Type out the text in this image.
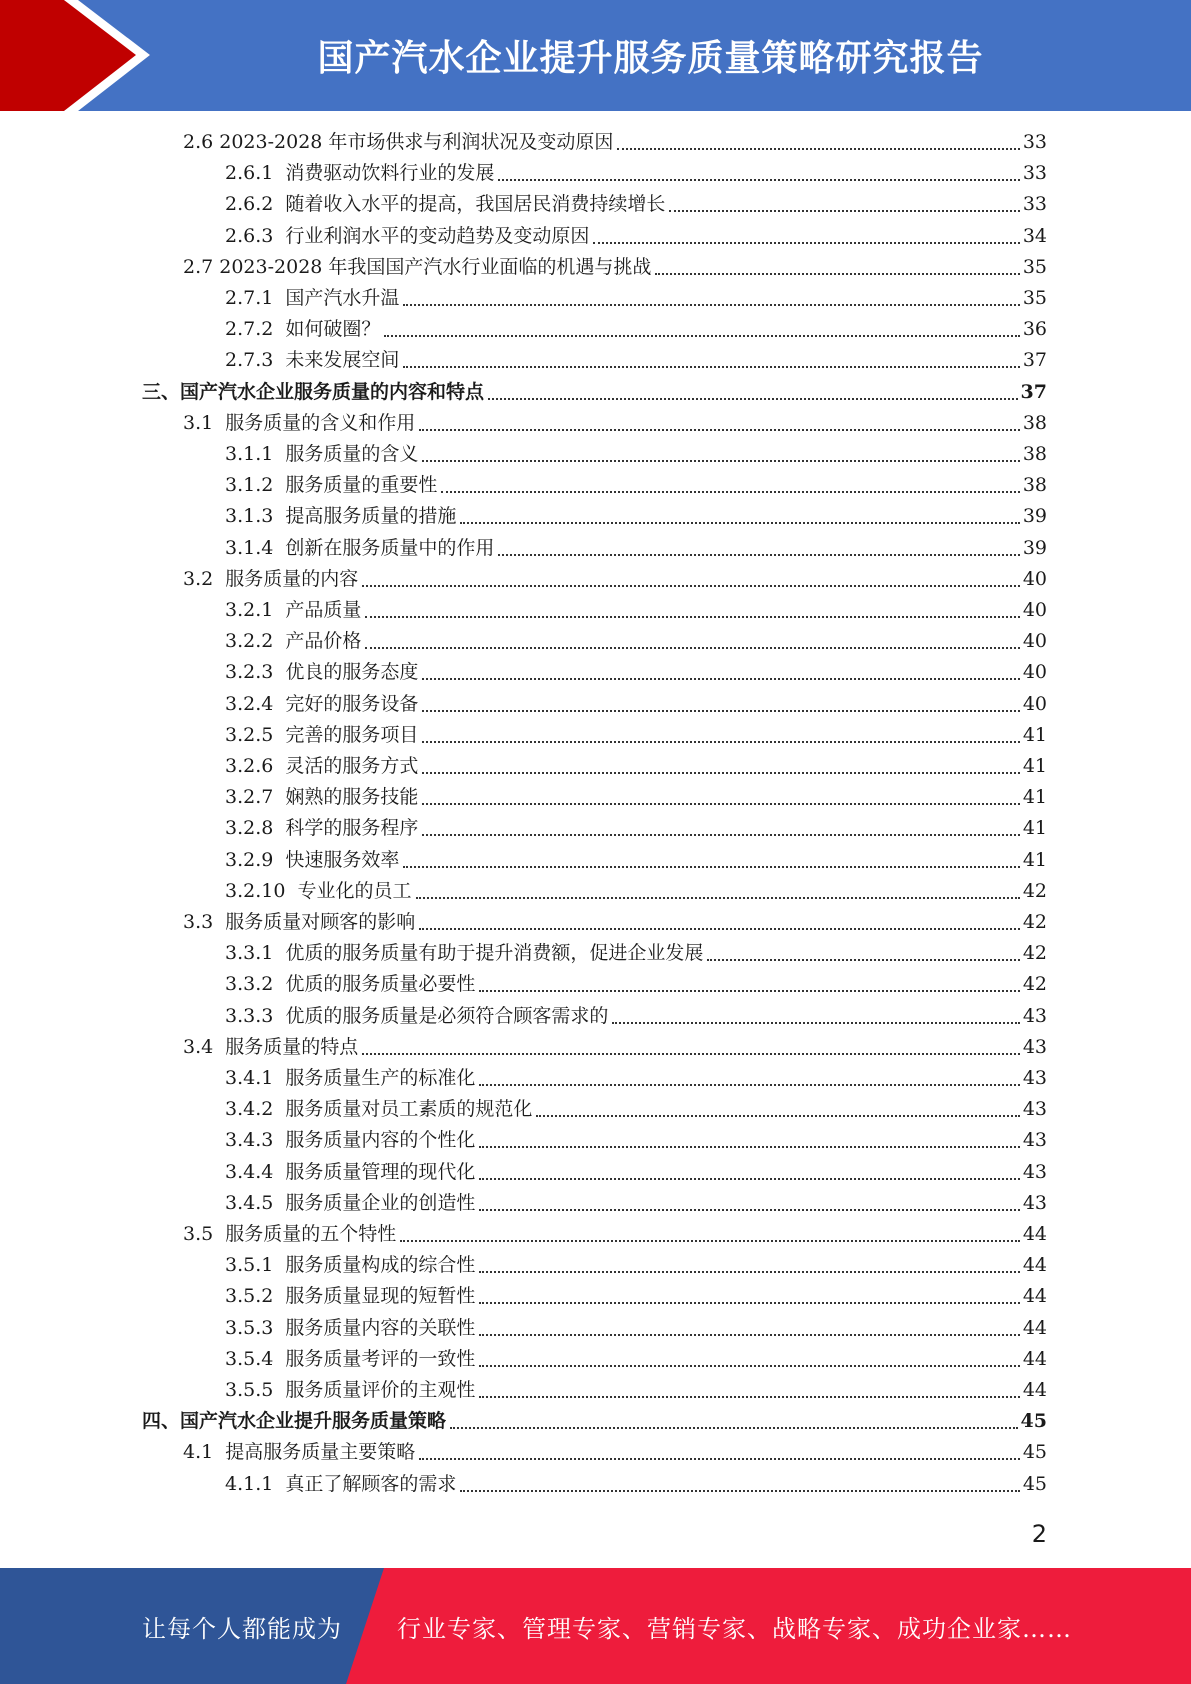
国产汽水企业提升服务质量策略研究报告
2.6 2023-2028 年市场供求与利润状况及变动原因	33
2.6.1  消费驱动饮料行业的发展	33
2.6.2  随着收入水平的提高，我国居民消费持续增长	33
2.6.3  行业利润水平的变动趋势及变动原因	34
2.7 2023-2028 年我国国产汽水行业面临的机遇与挑战	35
2.7.1  国产汽水升温	35
2.7.2  如何破圈？	36
2.7.3  未来发展空间	37
三、国产汽水企业服务质量的内容和特点	37
3.1  服务质量的含义和作用	38
3.1.1  服务质量的含义	38
3.1.2  服务质量的重要性	38
3.1.3  提高服务质量的措施	39
3.1.4  创新在服务质量中的作用	39
3.2  服务质量的内容	40
3.2.1  产品质量	40
3.2.2  产品价格	40
3.2.3  优良的服务态度	40
3.2.4  完好的服务设备	40
3.2.5  完善的服务项目	41
3.2.6  灵活的服务方式	41
3.2.7  娴熟的服务技能	41
3.2.8  科学的服务程序	41
3.2.9  快速服务效率	41
3.2.10  专业化的员工	42
3.3  服务质量对顾客的影响	42
3.3.1  优质的服务质量有助于提升消费额，促进企业发展	42
3.3.2  优质的服务质量必要性	42
3.3.3  优质的服务质量是必须符合顾客需求的	43
3.4  服务质量的特点	43
3.4.1  服务质量生产的标准化	43
3.4.2  服务质量对员工素质的规范化	43
3.4.3  服务质量内容的个性化	43
3.4.4  服务质量管理的现代化	43
3.4.5  服务质量企业的创造性	43
3.5  服务质量的五个特性	44
3.5.1  服务质量构成的综合性	44
3.5.2  服务质量显现的短暂性	44
3.5.3  服务质量内容的关联性	44
3.5.4  服务质量考评的一致性	44
3.5.5  服务质量评价的主观性	44
四、国产汽水企业提升服务质量策略	45
4.1  提高服务质量主要策略	45
4.1.1  真正了解顾客的需求	45
2
让每个人都能成为 行业专家、管理专家、营销专家、战略专家、成功企业家……
